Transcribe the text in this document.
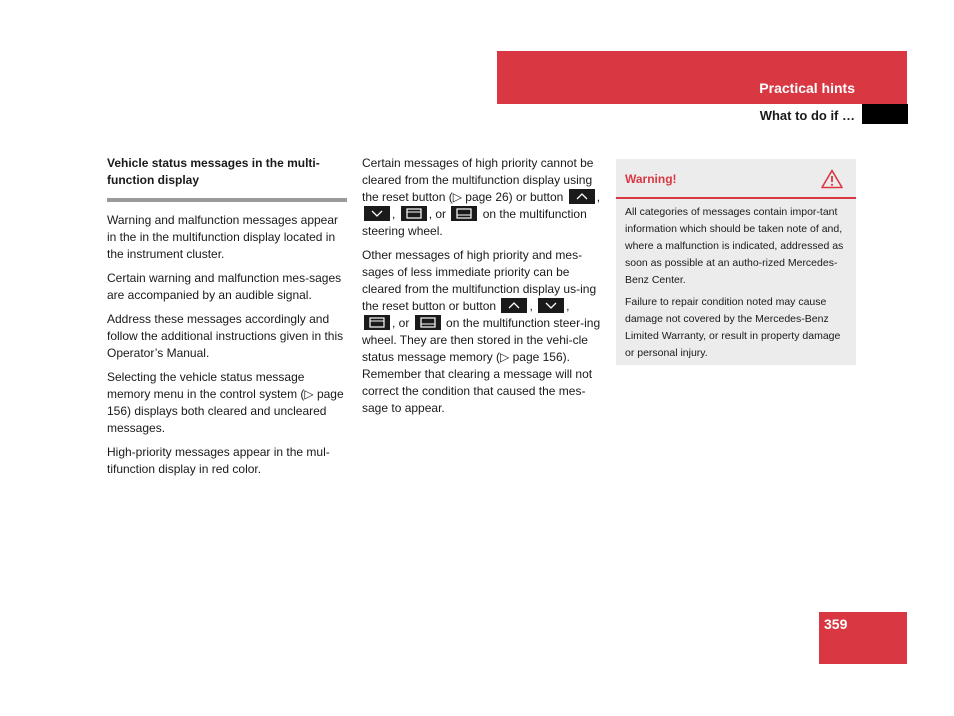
Practical hints
What to do if …

Vehicle status messages in the multi-function display

Warning and malfunction messages appear in the in the multifunction display located in the instrument cluster.

Certain warning and malfunction mes-sages are accompanied by an audible signal.

Address these messages accordingly and follow the additional instructions given in this Operator’s Manual.

Selecting the vehicle status message memory menu in the control system (▷ page 156) displays both cleared and uncleared messages.

High-priority messages appear in the mul-tifunction display in red color.

Certain messages of high priority cannot be cleared from the multifunction display using the reset button (▷ page 26) or button	,
,	, or	on the multifunction steering wheel.

Other messages of high priority and mes-sages of less immediate priority can be cleared from the multifunction display us-ing the reset button or button	,	,
, or	on the multifunction steer-ing wheel. They are then stored in the vehi-cle status message memory (▷ page 156). Remember that clearing a message will not correct the condition that caused the mes-sage to appear.

Warning!

All categories of messages contain impor-tant information which should be taken note of and, where a malfunction is indicated, addressed as soon as possible at an autho-rized Mercedes-Benz Center.

Failure to repair condition noted may cause damage not covered by the Mercedes-Benz Limited Warranty, or result in property damage or personal injury.

359
